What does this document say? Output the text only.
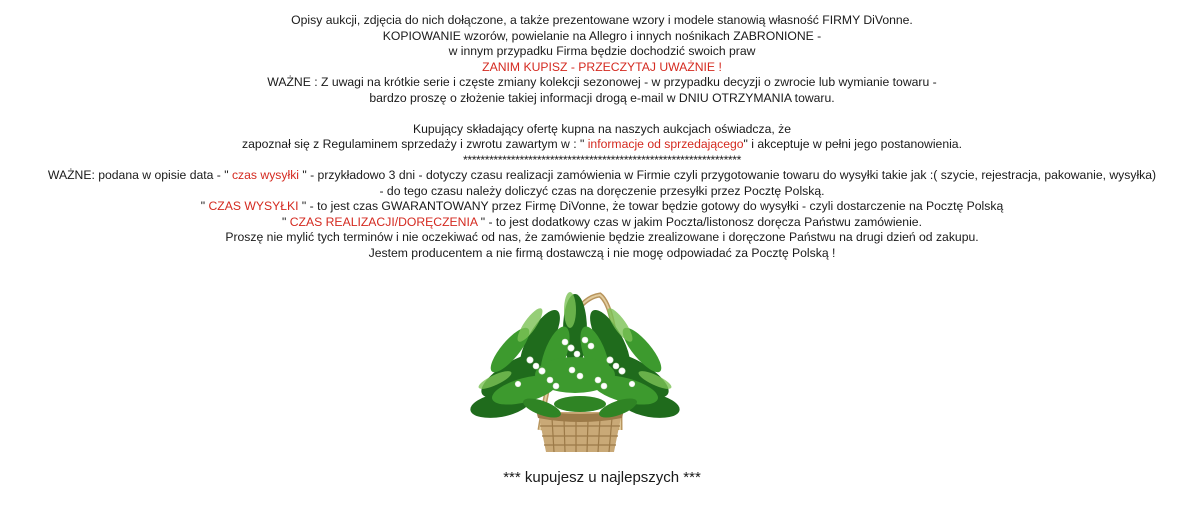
Opisy aukcji, zdjęcia do nich dołączone, a także prezentowane wzory i modele stanowią własność FIRMY DiVonne.
KOPIOWANIE wzorów, powielanie na Allegro i innych nośnikach ZABRONIONE -
w innym przypadku Firma będzie dochodzić swoich praw
ZANIM KUPISZ - PRZECZYTAJ UWAŻNIE !
WAŻNE : Z uwagi na krótkie serie i częste zmiany kolekcji sezonowej - w przypadku decyzji o zwrocie lub wymianie towaru -
bardzo proszę o złożenie takiej informacji drogą e-mail w DNIU OTRZYMANIA towaru.
Kupujący składający ofertę kupna na naszych aukcjach oświadcza, że
zapoznał się z Regulaminem sprzedaży i zwrotu zawartym w : " informacje od sprzedającego" i akceptuje w pełni jego postanowienia.
****************************************************************
WAŻNE: podana w opisie data - " czas wysyłki " - przykładowo 3 dni - dotyczy czasu realizacji zamówienia w Firmie czyli przygotowanie towaru do wysyłki takie jak :( szycie, rejestracja, pakowanie, wysyłka)
- do tego czasu należy doliczyć czas na doręczenie przesyłki przez Pocztę Polską.
" CZAS WYSYŁKI " - to jest czas GWARANTOWANY przez Firmę DiVonne, że towar będzie gotowy do wysyłki - czyli dostarczenie na Pocztę Polską
" CZAS REALIZACJI/DORĘCZENIA " - to jest dodatkowy czas w jakim Poczta/listonosz doręcza Państwu zamówienie.
Proszę nie mylić tych terminów i nie oczekiwać od nas, że zamówienie będzie zrealizowane i doręczone Państwu na drugi dzień od zakupu.
Jestem producentem a nie firmą dostawczą i nie mogę odpowiadać za Pocztę Polską !
*** kupujesz u najlepszych ***
